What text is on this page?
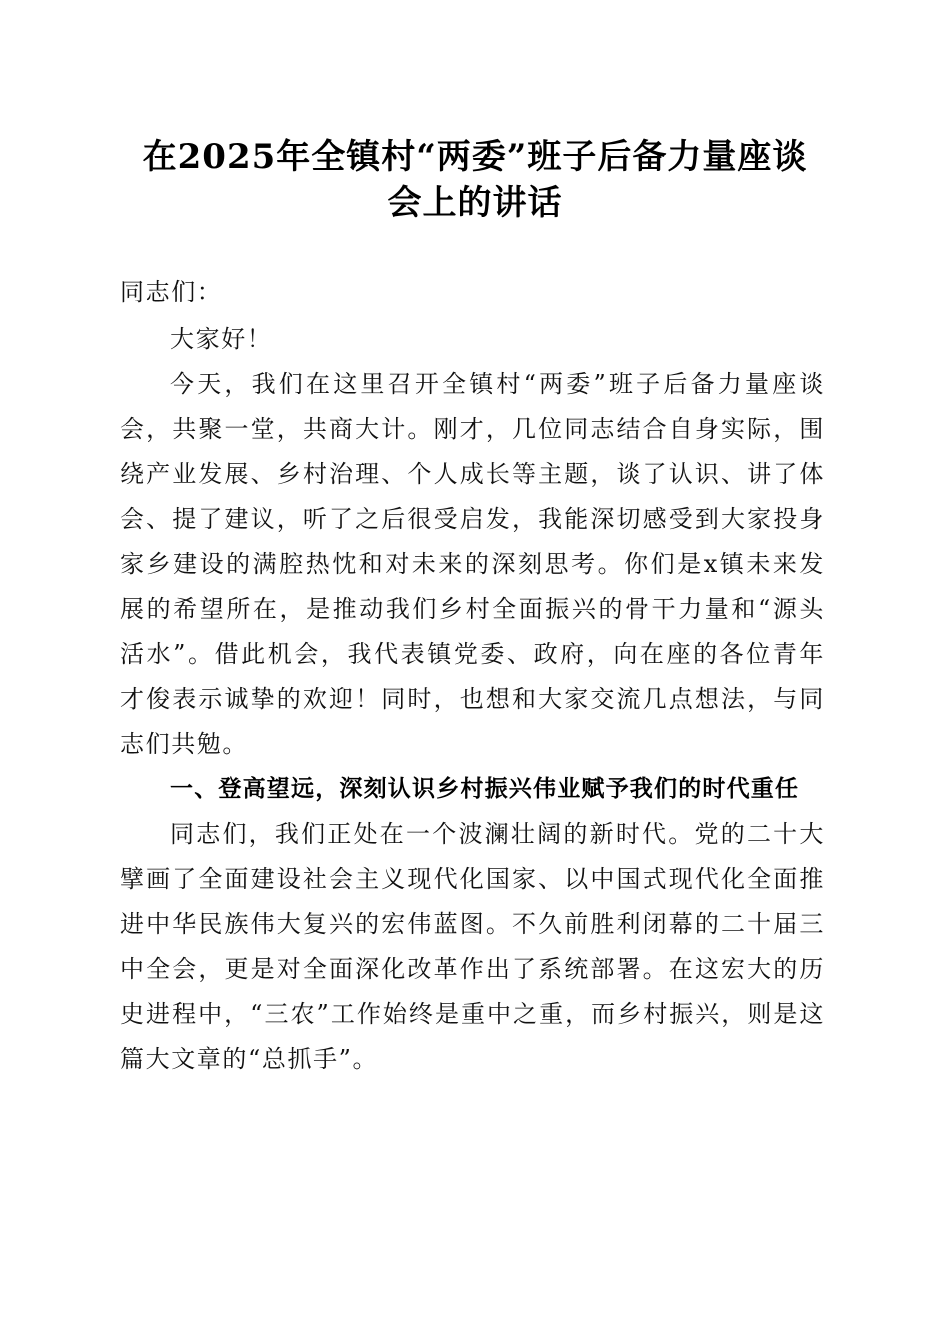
在2025年全镇村“两委”班子后备力量座谈
会上的讲话

同志们：

大家好！

今天，我们在这里召开全镇村“两委”班子后备力量座谈会，共聚一堂，共商大计。刚才，几位同志结合自身实际，围绕产业发展、乡村治理、个人成长等主题，谈了认识、讲了体会、提了建议，听了之后很受启发，我能深切感受到大家投身家乡建设的满腔热忱和对未来的深刻思考。你们是x镇未来发展的希望所在，是推动我们乡村全面振兴的骨干力量和“源头活水”。借此机会，我代表镇党委、政府，向在座的各位青年才俊表示诚挚的欢迎！同时，也想和大家交流几点想法，与同志们共勉。

一、登高望远，深刻认识乡村振兴伟业赋予我们的时代重任

同志们，我们正处在一个波澜壮阔的新时代。党的二十大擘画了全面建设社会主义现代化国家、以中国式现代化全面推进中华民族伟大复兴的宏伟蓝图。不久前胜利闭幕的二十届三中全会，更是对全面深化改革作出了系统部署。在这宏大的历史进程中，“三农”工作始终是重中之重，而乡村振兴，则是这篇大文章的“总抓手”。
